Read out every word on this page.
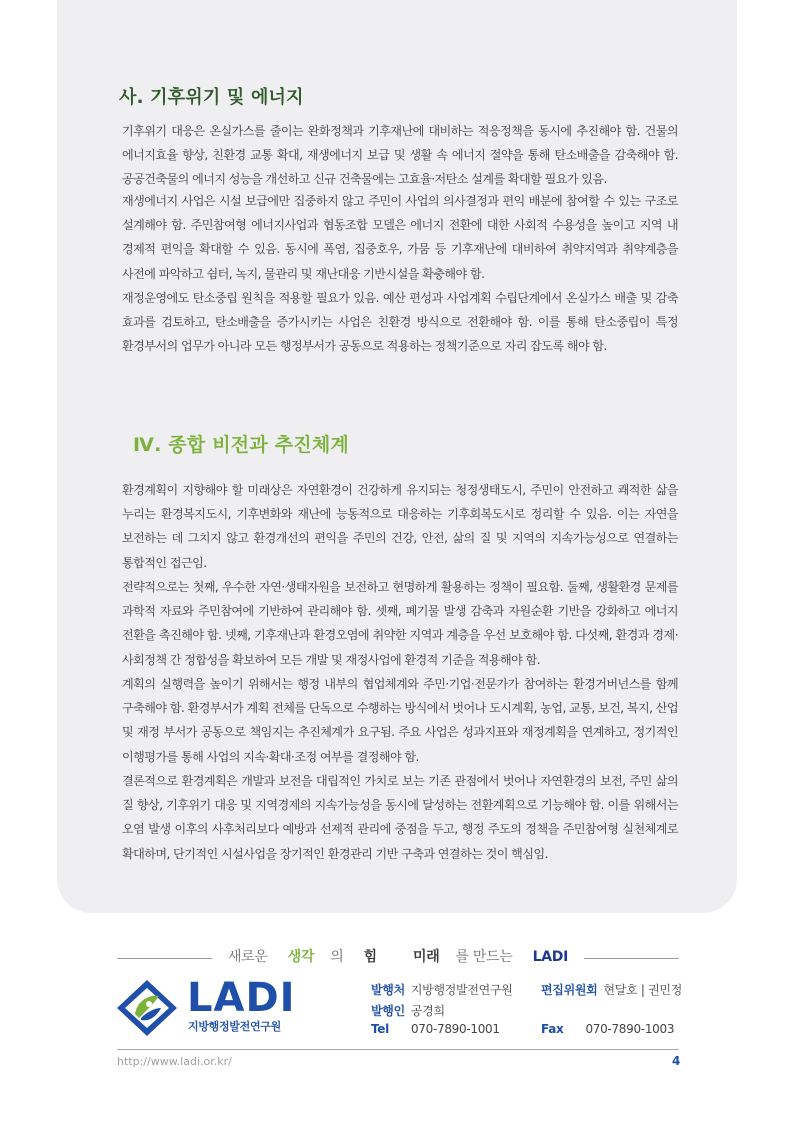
사. 기후위기 및 에너지

기후위기 대응은 온실가스를 줄이는 완화정책과 기후재난에 대비하는 적응정책을 동시에 추진해야 함. 건물의 에너지효율 향상, 친환경 교통 확대, 재생에너지 보급 및 생활 속 에너지 절약을 통해 탄소배출을 감축해야 함. 공공건축물의 에너지 성능을 개선하고 신규 건축물에는 고효율·저탄소 설계를 확대할 필요가 있음.

재생에너지 사업은 시설 보급에만 집중하지 않고 주민이 사업의 의사결정과 편익 배분에 참여할 수 있는 구조로 설계해야 함. 주민참여형 에너지사업과 협동조합 모델은 에너지 전환에 대한 사회적 수용성을 높이고 지역 내 경제적 편익을 확대할 수 있음. 동시에 폭염, 집중호우, 가뭄 등 기후재난에 대비하여 취약지역과 취약계층을 사전에 파악하고 쉼터, 녹지, 물관리 및 재난대응 기반시설을 확충해야 함.

재정운영에도 탄소중립 원칙을 적용할 필요가 있음. 예산 편성과 사업계획 수립단계에서 온실가스 배출 및 감축 효과를 검토하고, 탄소배출을 증가시키는 사업은 친환경 방식으로 전환해야 함. 이를 통해 탄소중립이 특정 환경부서의 업무가 아니라 모든 행정부서가 공동으로 적용하는 정책기준으로 자리 잡도록 해야 함.

Ⅳ. 종합 비전과 추진체계

환경계획이 지향해야 할 미래상은 자연환경이 건강하게 유지되는 청정생태도시, 주민이 안전하고 쾌적한 삶을 누리는 환경복지도시, 기후변화와 재난에 능동적으로 대응하는 기후회복도시로 정리할 수 있음. 이는 자연을 보전하는 데 그치지 않고 환경개선의 편익을 주민의 건강, 안전, 삶의 질 및 지역의 지속가능성으로 연결하는 통합적인 접근임.

전략적으로는 첫째, 우수한 자연·생태자원을 보전하고 현명하게 활용하는 정책이 필요함. 둘째, 생활환경 문제를 과학적 자료와 주민참여에 기반하여 관리해야 함. 셋째, 폐기물 발생 감축과 자원순환 기반을 강화하고 에너지 전환을 촉진해야 함. 넷째, 기후재난과 환경오염에 취약한 지역과 계층을 우선 보호해야 함. 다섯째, 환경과 경제·사회정책 간 정합성을 확보하여 모든 개발 및 재정사업에 환경적 기준을 적용해야 함.

계획의 실행력을 높이기 위해서는 행정 내부의 협업체계와 주민·기업·전문가가 참여하는 환경거버넌스를 함께 구축해야 함. 환경부서가 계획 전체를 단독으로 수행하는 방식에서 벗어나 도시계획, 농업, 교통, 보건, 복지, 산업 및 재정 부서가 공동으로 책임지는 추진체계가 요구됨. 주요 사업은 성과지표와 재정계획을 연계하고, 정기적인 이행평가를 통해 사업의 지속·확대·조정 여부를 결정해야 함.

결론적으로 환경계획은 개발과 보전을 대립적인 가치로 보는 기존 관점에서 벗어나 자연환경의 보전, 주민 삶의 질 향상, 기후위기 대응 및 지역경제의 지속가능성을 동시에 달성하는 전환계획으로 기능해야 함. 이를 위해서는 오염 발생 이후의 사후처리보다 예방과 선제적 관리에 중점을 두고, 행정 주도의 정책을 주민참여형 실천체계로 확대하며, 단기적인 시설사업을 장기적인 환경관리 기반 구축과 연결하는 것이 핵심임.

새로운 생각 의 힘	미래 를 만드는 LADI
LADI
지방행정발전연구원
발행처 지방행정발전연구원
발행인 공경희
Tel 070-7890-1001
편집위원회 현달호 | 권민정
Fax 070-7890-1003
http://www.ladi.or.kr/	4
